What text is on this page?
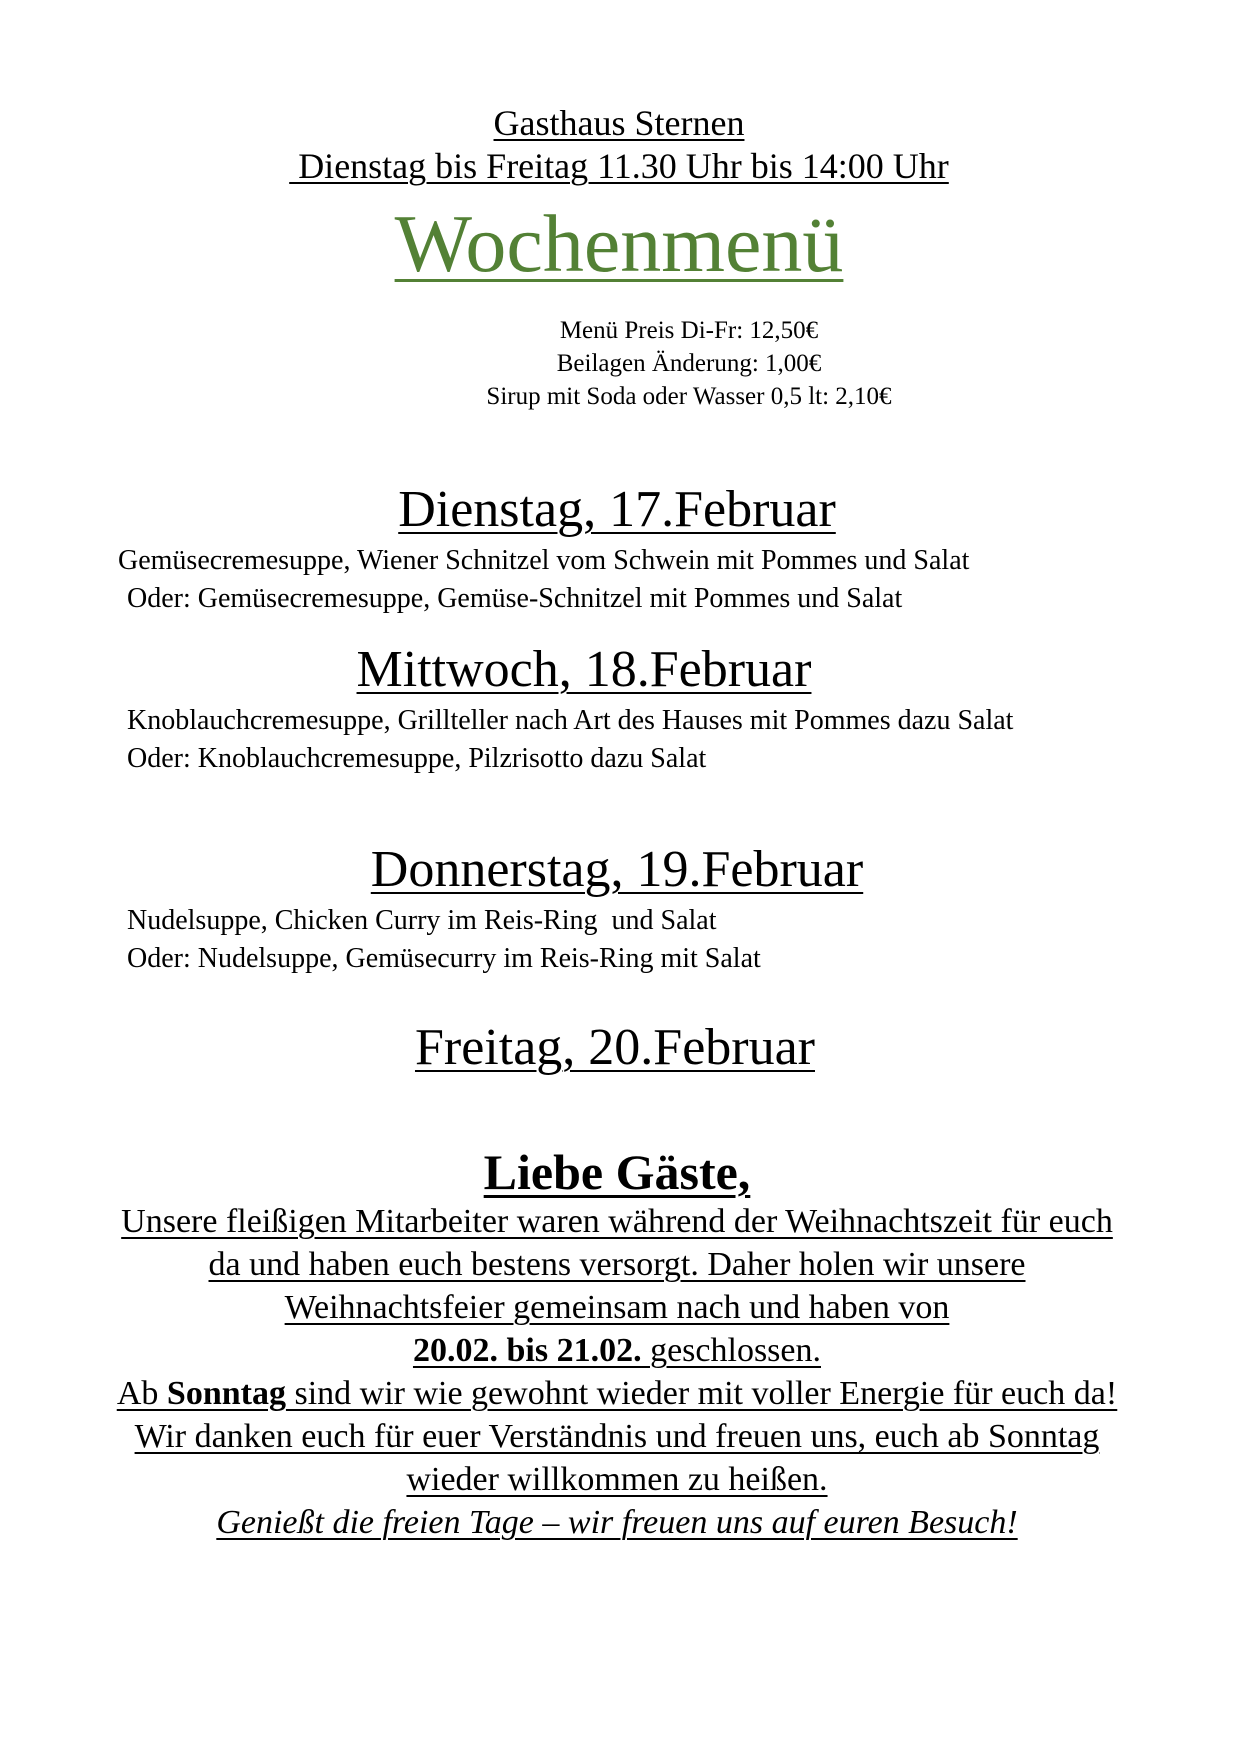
Gasthaus Sternen
Dienstag bis Freitag 11.30 Uhr bis 14:00 Uhr
Wochenmenü
Menü Preis Di-Fr: 12,50€
Beilagen Änderung: 1,00€
Sirup mit Soda oder Wasser 0,5 lt: 2,10€
Dienstag, 17.Februar
Gemüsecremesuppe, Wiener Schnitzel vom Schwein mit Pommes und Salat
Oder: Gemüsecremesuppe, Gemüse-Schnitzel mit Pommes und Salat
Mittwoch, 18.Februar
Knoblauchcremesuppe, Grillteller nach Art des Hauses mit Pommes dazu Salat
Oder: Knoblauchcremesuppe, Pilzrisotto dazu Salat
Donnerstag, 19.Februar
Nudelsuppe, Chicken Curry im Reis-Ring  und Salat
Oder: Nudelsuppe, Gemüsecurry im Reis-Ring mit Salat
Freitag, 20.Februar
Liebe Gäste,
Unsere fleißigen Mitarbeiter waren während der Weihnachtszeit für euch
da und haben euch bestens versorgt. Daher holen wir unsere
Weihnachtsfeier gemeinsam nach und haben von
20.02. bis 21.02. geschlossen.
Ab Sonntag sind wir wie gewohnt wieder mit voller Energie für euch da!
Wir danken euch für euer Verständnis und freuen uns, euch ab Sonntag
wieder willkommen zu heißen.
Genießt die freien Tage – wir freuen uns auf euren Besuch!
